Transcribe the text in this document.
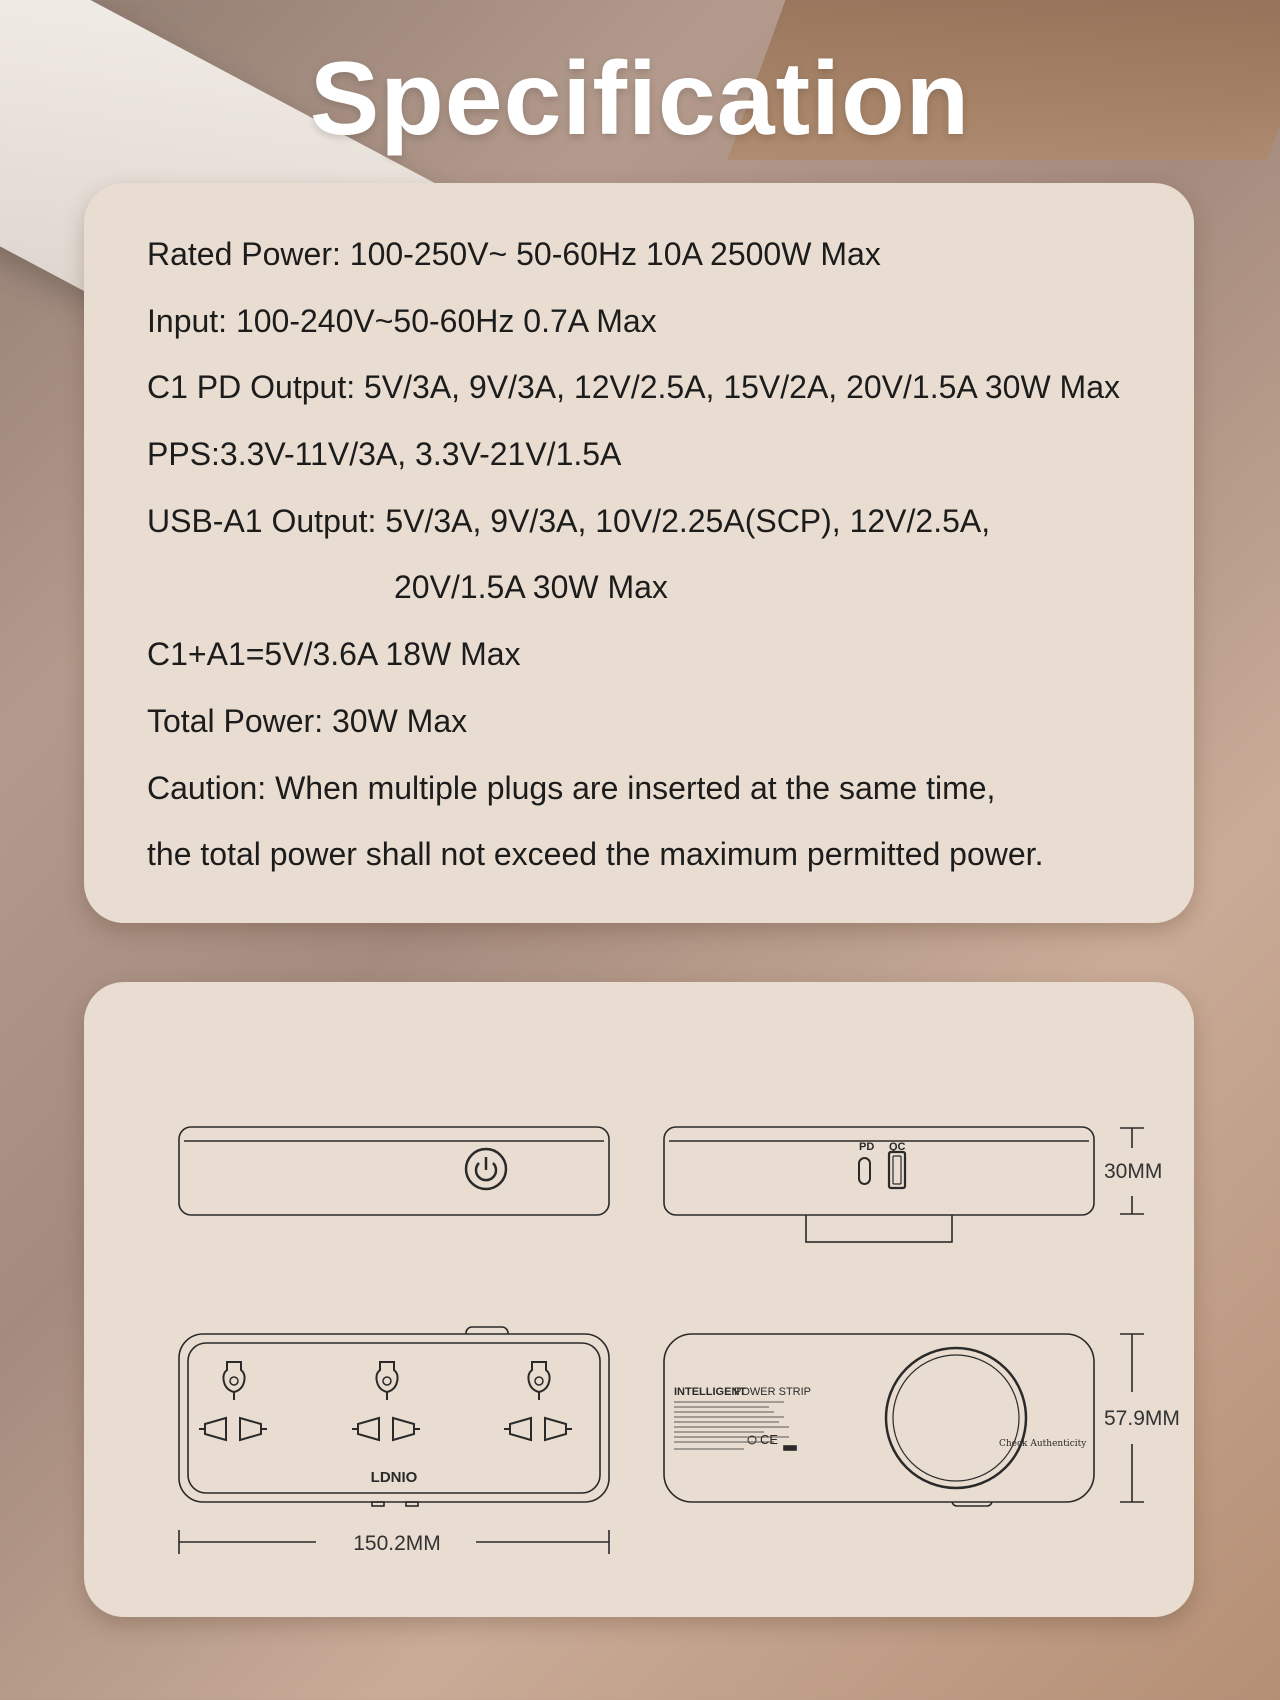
Specification
Rated Power: 100-250V~ 50-60Hz 10A 2500W Max
Input: 100-240V~50-60Hz 0.7A Max
C1 PD Output: 5V/3A, 9V/3A, 12V/2.5A, 15V/2A, 20V/1.5A 30W Max
PPS:3.3V-11V/3A, 3.3V-21V/1.5A
USB-A1 Output: 5V/3A, 9V/3A, 10V/2.25A(SCP), 12V/2.5A,
20V/1.5A 30W Max
C1+A1=5V/3.6A 18W Max
Total Power: 30W Max
Caution: When multiple plugs are inserted at the same time,
the total power shall not exceed the maximum permitted power.
PD QC
30MM
LDNIO
150.2MM
INTELLIGENT
POWER STRIP
CE	Check Authenticity
57.9MM
